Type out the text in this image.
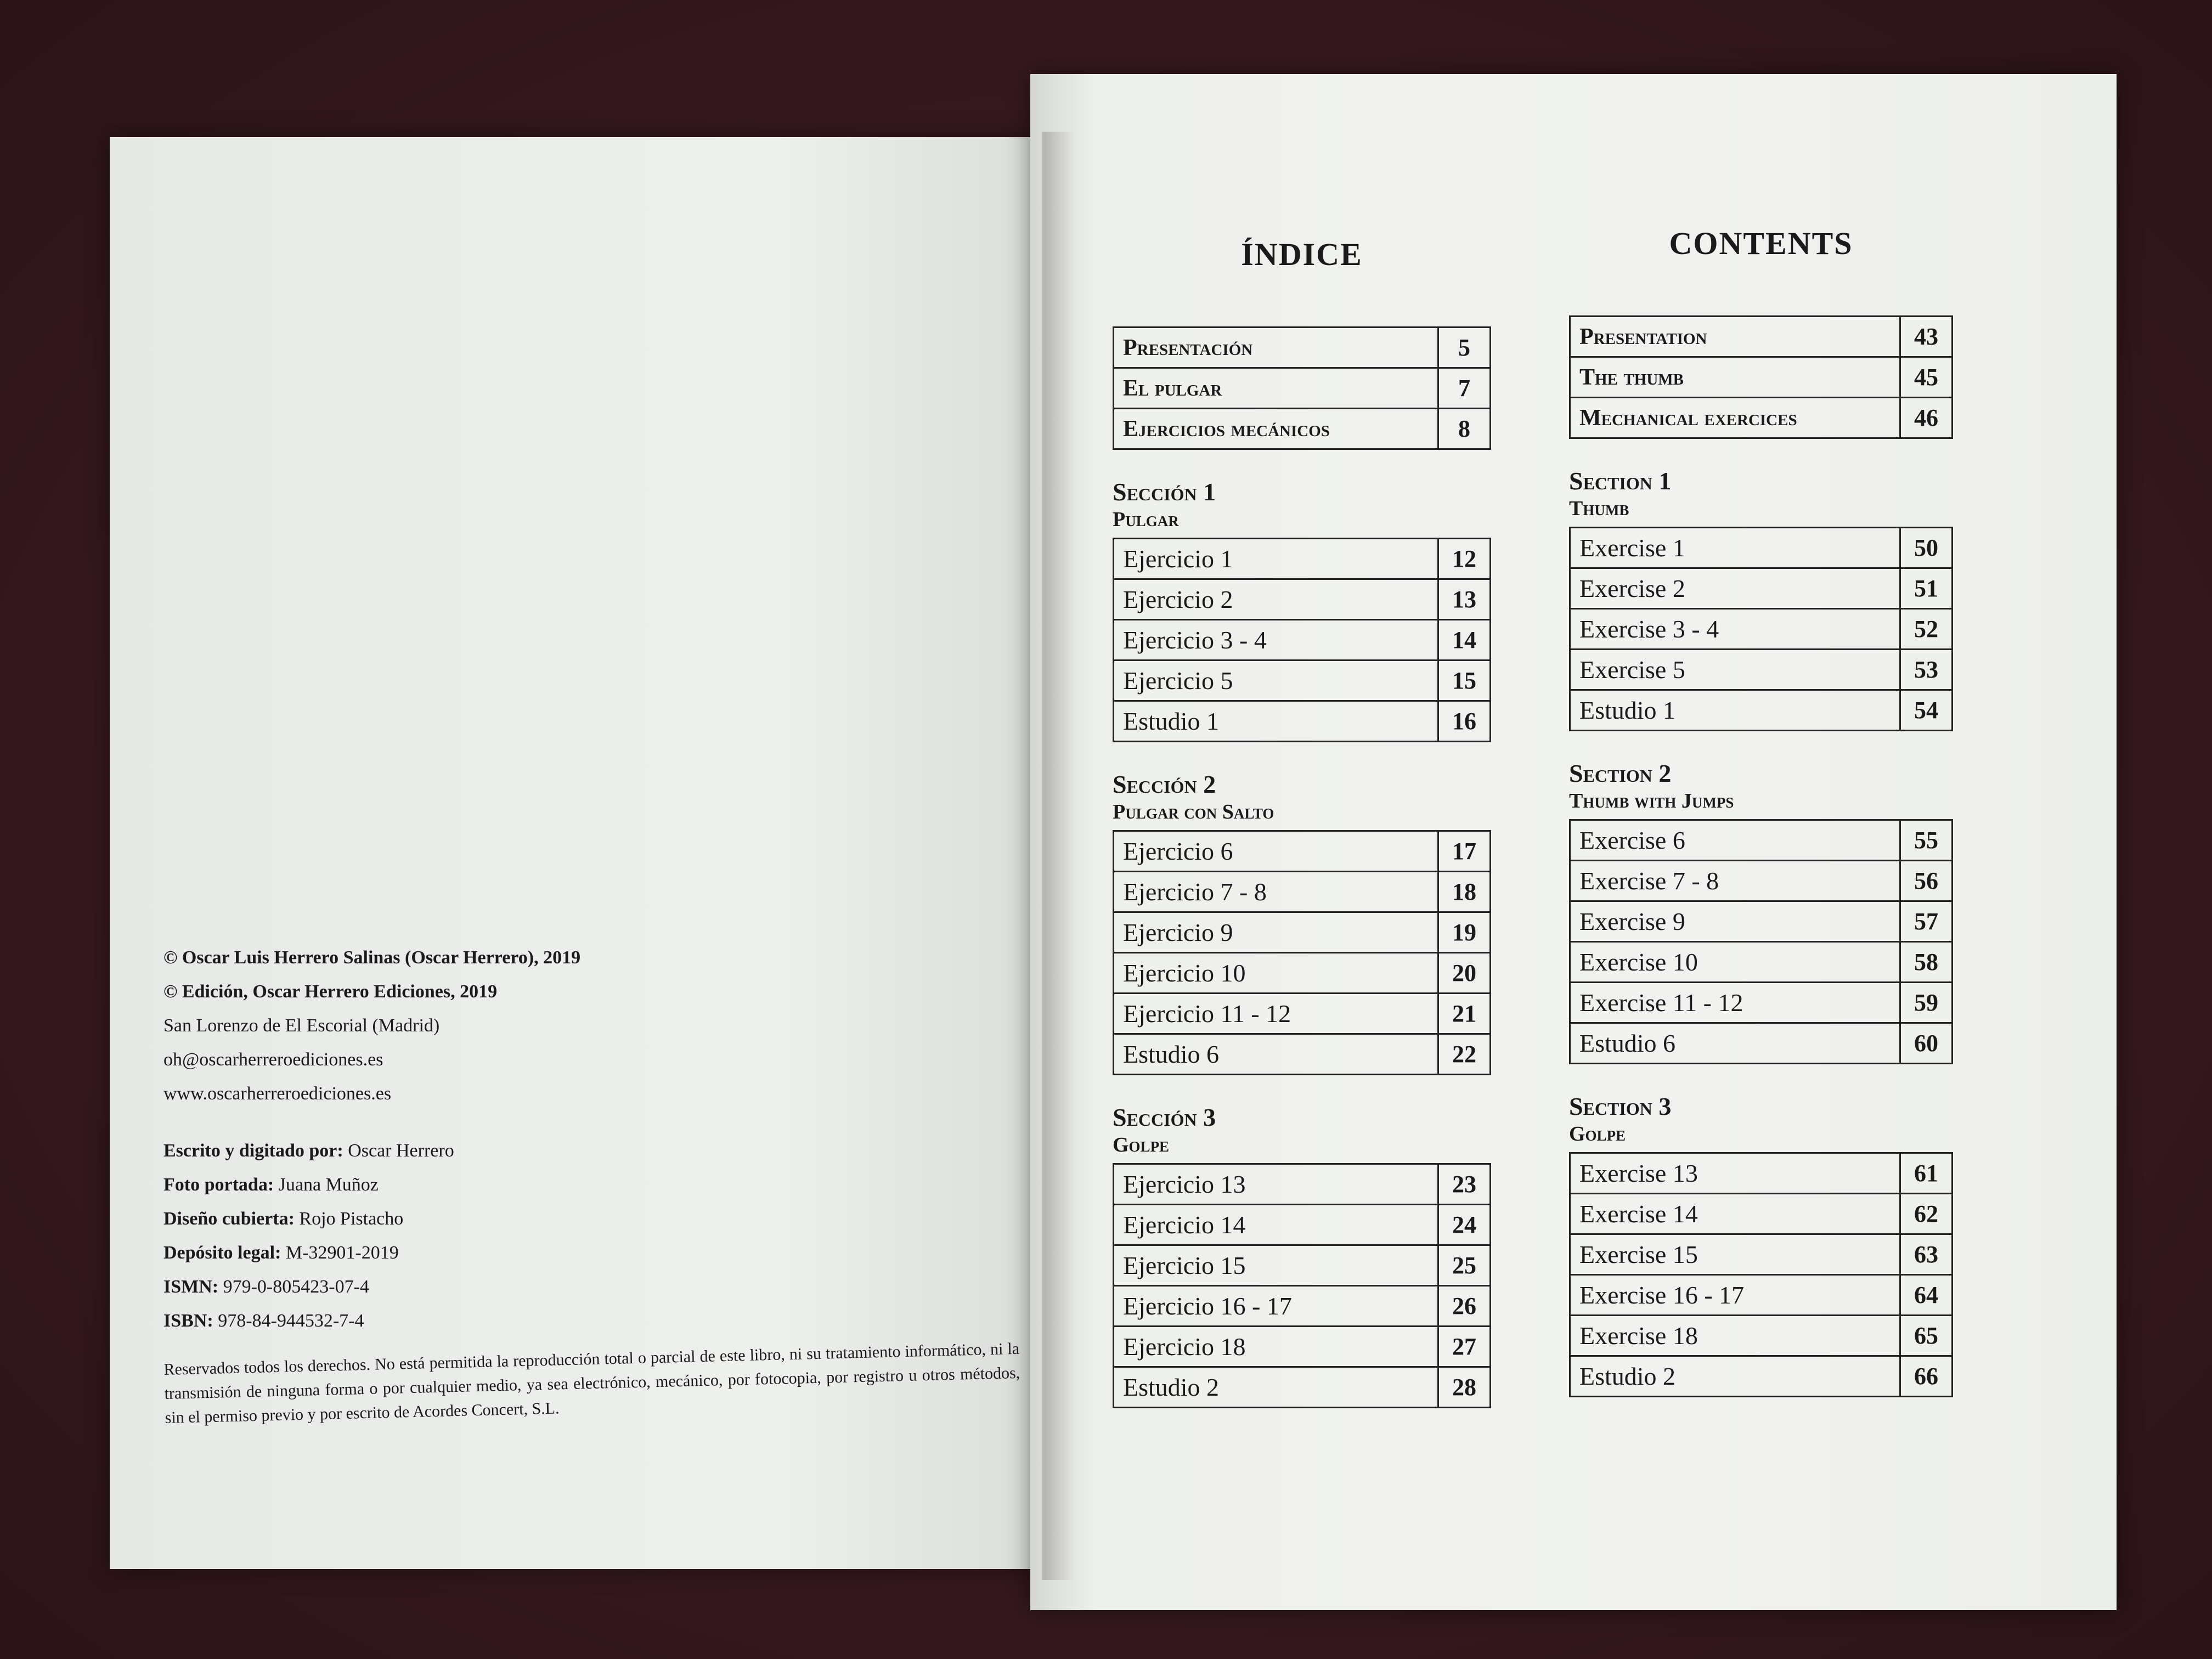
© Oscar Luis Herrero Salinas (Oscar Herrero), 2019
© Edición, Oscar Herrero Ediciones, 2019
San Lorenzo de El Escorial (Madrid)
oh@oscarherreroediciones.es
www.oscarherreroediciones.es
Escrito y digitado por: Oscar Herrero
Foto portada: Juana Muñoz
Diseño cubierta: Rojo Pistacho
Depósito legal: M-32901-2019
ISMN: 979-0-805423-07-4
ISBN: 978-84-944532-7-4
Reservados todos los derechos. No está permitida la reproducción total o parcial de este libro, ni su tratamiento informático, ni la transmisión de ninguna forma o por cualquier medio, ya sea electrónico, mecánico, por fotocopia, por registro u otros métodos, sin el permiso previo y por escrito de Acordes Concert, S.L.
ÍNDICE
Presentación	5
El pulgar	7
Ejercicios mecánicos	8
Sección 1
Pulgar
Ejercicio 1	12
Ejercicio 2	13
Ejercicio 3 - 4	14
Ejercicio 5	15
Estudio 1	16
Sección 2
Pulgar con Salto
Ejercicio 6	17
Ejercicio 7 - 8	18
Ejercicio 9	19
Ejercicio 10	20
Ejercicio 11 - 12	21
Estudio 6	22
Sección 3
Golpe
Ejercicio 13	23
Ejercicio 14	24
Ejercicio 15	25
Ejercicio 16 - 17	26
Ejercicio 18	27
Estudio 2	28
CONTENTS
Presentation	43
The thumb	45
Mechanical exercices	46
Section 1
Thumb
Exercise 1	50
Exercise 2	51
Exercise 3 - 4	52
Exercise 5	53
Estudio 1	54
Section 2
Thumb with Jumps
Exercise 6	55
Exercise 7 - 8	56
Exercise 9	57
Exercise 10	58
Exercise 11 - 12	59
Estudio 6	60
Section 3
Golpe
Exercise 13	61
Exercise 14	62
Exercise 15	63
Exercise 16 - 17	64
Exercise 18	65
Estudio 2	66
